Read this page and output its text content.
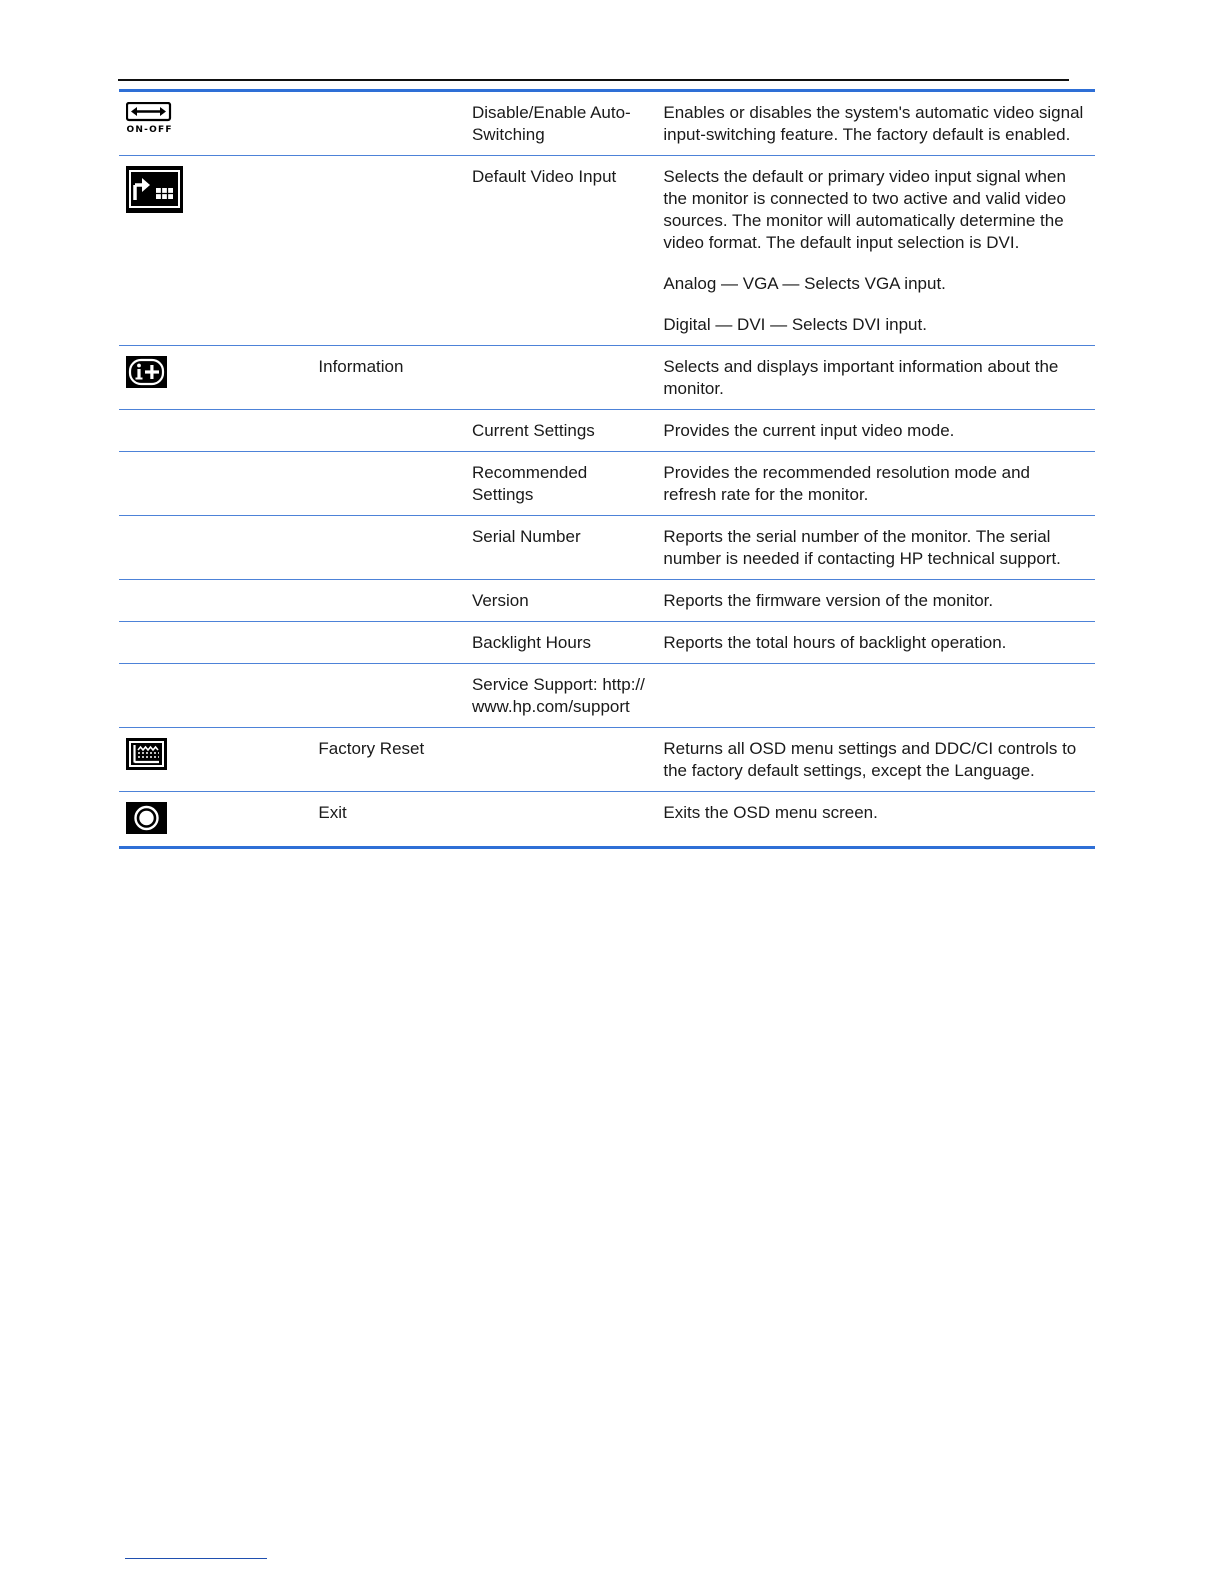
ON-OFF		Disable/Enable Auto-Switching	Enables or disables the system's automatic video signal input-switching feature. The factory default is enabled.

		Default Video Input	Selects the default or primary video input signal when the monitor is connected to two active and valid video sources. The monitor will automatically determine the video format. The default input selection is DVI.

Analog — VGA — Selects VGA input.

Digital — DVI — Selects DVI input.

	Information		Selects and displays important information about the monitor.

		Current Settings	Provides the current input video mode.

		Recommended Settings	Provides the recommended resolution mode and refresh rate for the monitor.

		Serial Number	Reports the serial number of the monitor. The serial number is needed if contacting HP technical support.

		Version	Reports the firmware version of the monitor.

		Backlight Hours	Reports the total hours of backlight operation.

		Service Support: http:// www.hp.com/support	

	Factory Reset		Returns all OSD menu settings and DDC/CI controls to the factory default settings, except the Language.

	Exit		Exits the OSD menu screen.
